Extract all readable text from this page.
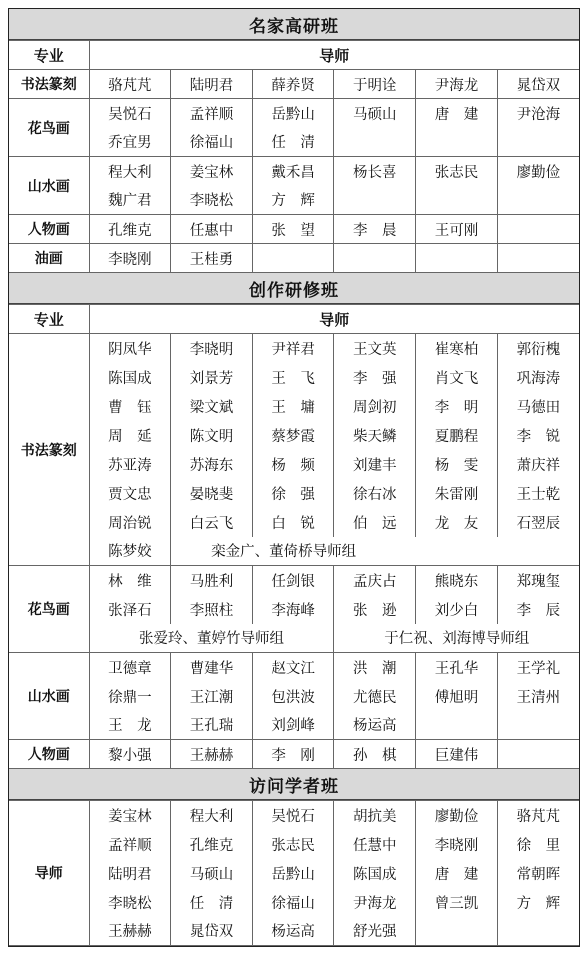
名家高研班
专业	导师					
书法篆刻	骆芃芃	陆明君	薛养贤	于明诠	尹海龙	晁岱双
花鸟画	吴悦石	孟祥顺	岳黔山	马硕山	唐　建	尹沧海
	乔宜男	徐福山	任　清			
山水画	程大利	姜宝林	戴禾昌	杨长喜	张志民	廖勤俭
	魏广君	李晓松	方　辉			
人物画	孔维克	任惠中	张　望	李　晨	王可刚	
油画	李晓刚	王桂勇				
创作研修班
专业	导师					
书法篆刻	阴凤华	李晓明	尹祥君	王文英	崔寒柏	郭衍槐
	陈国成	刘景芳	王　飞	李　强	肖文飞	巩海涛
	曹　钰	梁文斌	王　墉	周剑初	李　明	马德田
	周　延	陈文明	蔡梦霞	柴天鳞	夏鹏程	李　锐
	苏亚涛	苏海东	杨　频	刘建丰	杨　雯	萧庆祥
	贾文忠	晏晓斐	徐　强	徐右冰	朱雷刚	王士乾
	周治锐	白云飞	白　锐	伯　远	龙　友	石翌辰
	陈梦姣	栾金广、董倚桥导师组				
花鸟画	林　维	马胜利	任剑银	孟庆占	熊晓东	郑瑰玺
	张泽石	李照柱	李海峰	张　逊	刘少白	李　辰
	张爱玲、董婷竹导师组			于仁祝、刘海博导师组		
山水画	卫德章	曹建华	赵文江	洪　潮	王孔华	王学礼
	徐鼎一	王江潮	包洪波	尤德民	傅旭明	王清州
	王　龙	王孔瑞	刘剑峰	杨运高		
人物画	黎小强	王赫赫	李　刚	孙　棋	巨建伟	
访问学者班
导师	姜宝林	程大利	吴悦石	胡抗美	廖勤俭	骆芃芃
	孟祥顺	孔维克	张志民	任慧中	李晓刚	徐　里
	陆明君	马硕山	岳黔山	陈国成	唐　建	常朝晖
	李晓松	任　清	徐福山	尹海龙	曾三凯	方　辉
	王赫赫	晁岱双	杨运高	舒光强		
